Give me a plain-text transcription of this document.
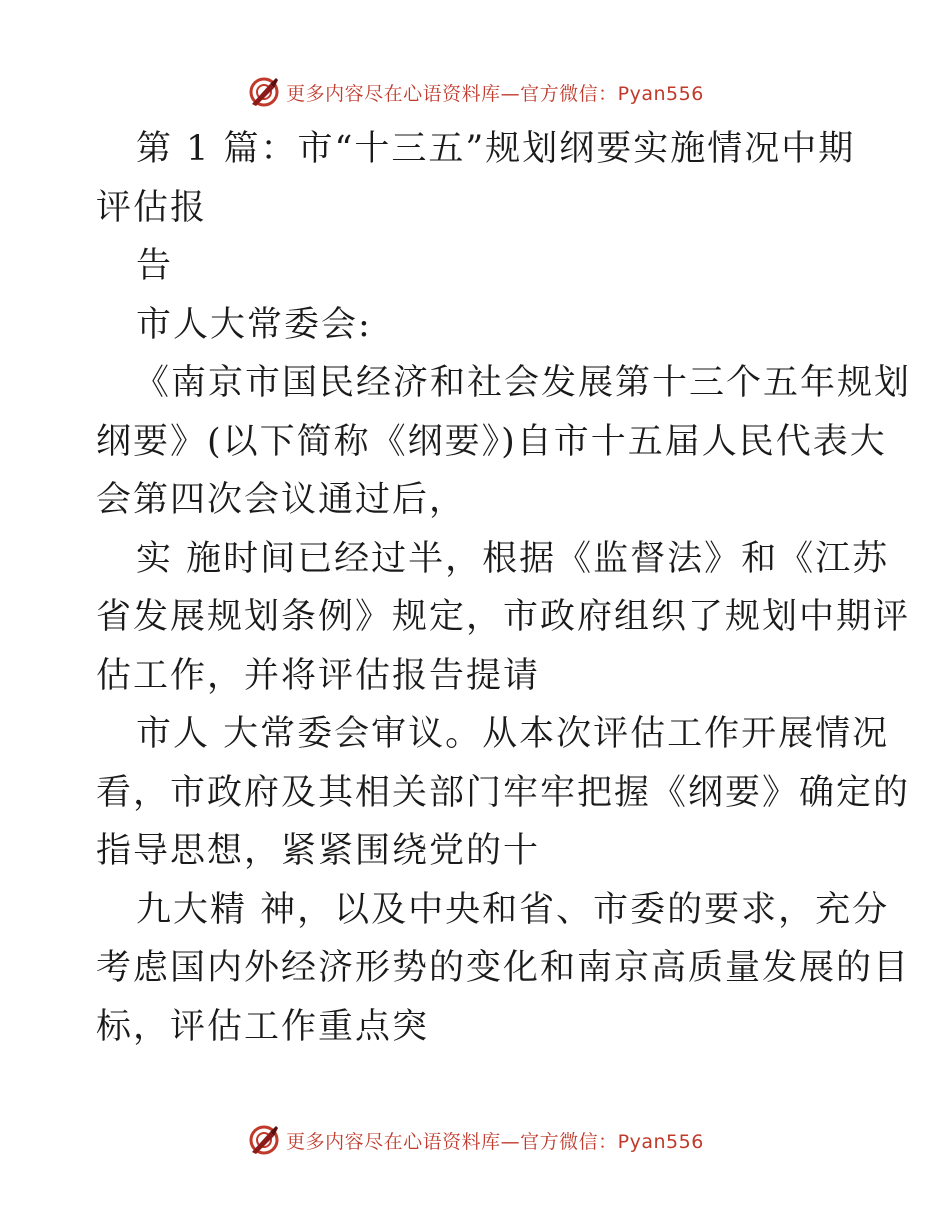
更多内容尽在心语资料库—官方微信：Pyan556
第 1 篇：市“十三五”规划纲要实施情况中期
评估报
告
市人大常委会:
《南京市国民经济和社会发展第十三个五年规划
纲要》(以下简称《纲要》)自市十五届人民代表大
会第四次会议通过后，
实 施时间已经过半，根据《监督法》和《江苏
省发展规划条例》规定，市政府组织了规划中期评
估工作，并将评估报告提请
市人 大常委会审议。从本次评估工作开展情况
看，市政府及其相关部门牢牢把握《纲要》确定的
指导思想，紧紧围绕党的十
九大精 神，以及中央和省、市委的要求，充分
考虑国内外经济形势的变化和南京高质量发展的目
标，评估工作重点突
更多内容尽在心语资料库—官方微信：Pyan556
